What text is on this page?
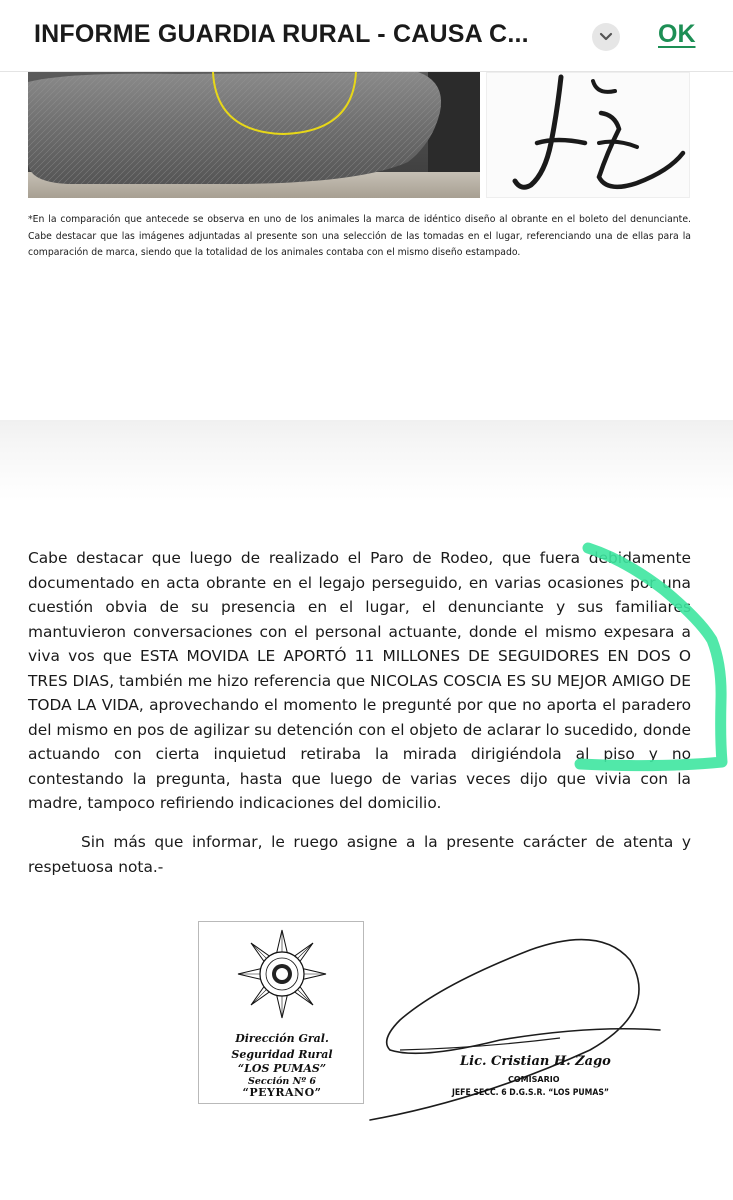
INFORME GUARDIA RURAL - CAUSA C...	OK

*En la comparación que antecede se observa en uno de los animales la marca de idéntico diseño al obrante en el boleto del denunciante. Cabe destacar que las imágenes adjuntadas al presente son una selección de las tomadas en el lugar, referenciando una de ellas para la comparación de marca, siendo que la totalidad de los animales contaba con el mismo diseño estampado.

Cabe destacar que luego de realizado el Paro de Rodeo, que fuera debidamente documentado en acta obrante en el legajo perseguido, en varias ocasiones por una cuestión obvia de su presencia en el lugar, el denunciante y sus familiares mantuvieron conversaciones con el personal actuante, donde el mismo expesara a viva vos que ESTA MOVIDA LE APORTÓ 11 MILLONES DE SEGUIDORES EN DOS O TRES DIAS, también me hizo referencia que NICOLAS COSCIA ES SU MEJOR AMIGO DE TODA LA VIDA, aprovechando el momento le pregunté por que no aporta el paradero del mismo en pos de agilizar su detención con el objeto de aclarar lo sucedido, donde actuando con cierta inquietud retiraba la mirada dirigiéndola al piso y no contestando la pregunta, hasta que luego de varias veces dijo que vivia con la madre, tampoco refiriendo indicaciones del domicilio.

Sin más que informar, le ruego asigne a la presente carácter de atenta y respetuosa nota.-

Dirección Gral.
Seguridad Rural
“LOS PUMAS”
Sección Nº 6
“PEYRANO”
Lic. Cristian H. Zago
COMISARIO
JEFE SECC. 6 D.G.S.R. “LOS PUMAS”
